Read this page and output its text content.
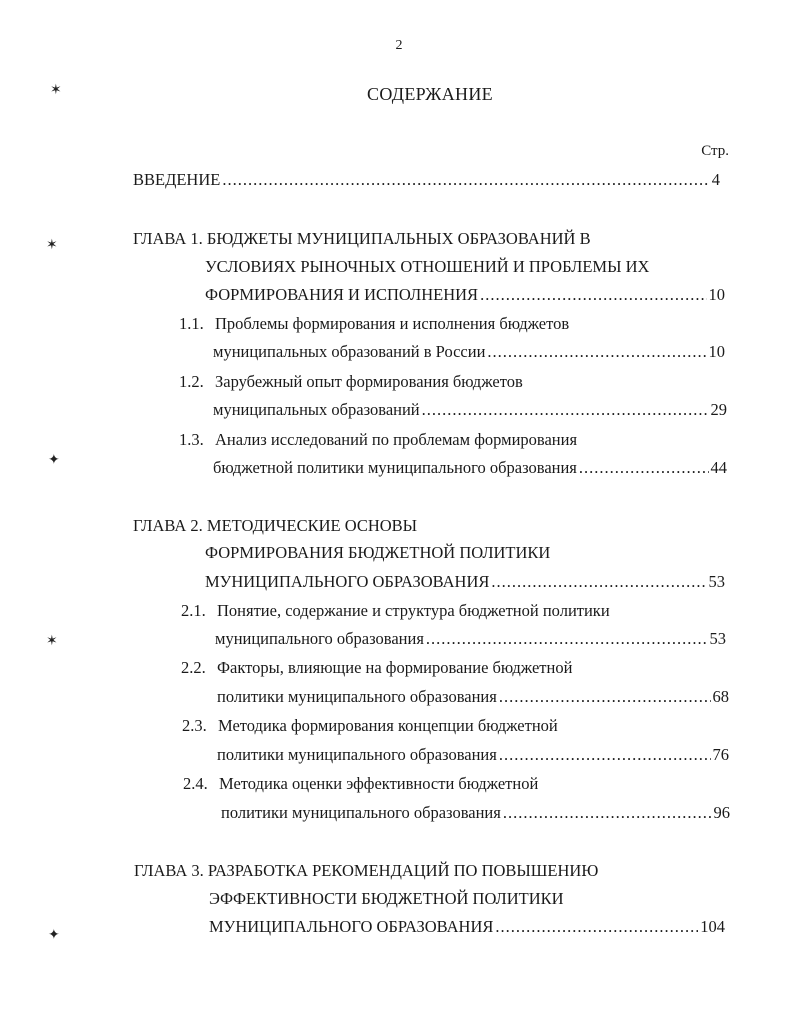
✶
✶
✦
✶
✦
2
СОДЕРЖАНИЕ
Стр.
ВВЕДЕНИЕ .....	4
ГЛАВА 1. БЮДЖЕТЫ МУНИЦИПАЛЬНЫХ ОБРАЗОВАНИЙ В
УСЛОВИЯХ РЫНОЧНЫХ ОТНОШЕНИЙ И ПРОБЛЕМЫ ИХ
ФОРМИРОВАНИЯ И ИСПОЛНЕНИЯ .....	10
1.1. Проблемы формирования и исполнения бюджетов
муниципальных образований в России .....	10
1.2. Зарубежный опыт формирования бюджетов
муниципальных образований .....	29
1.3. Анализ исследований по проблемам формирования
бюджетной политики муниципального образования .....	44
ГЛАВА 2. МЕТОДИЧЕСКИЕ ОСНОВЫ
ФОРМИРОВАНИЯ БЮДЖЕТНОЙ ПОЛИТИКИ
МУНИЦИПАЛЬНОГО ОБРАЗОВАНИЯ .....	53
2.1. Понятие, содержание и структура бюджетной политики
муниципального образования .....	53
2.2. Факторы, влияющие на формирование бюджетной
политики муниципального образования .....	68
2.3. Методика формирования концепции бюджетной
политики муниципального образования .....	76
2.4. Методика оценки эффективности бюджетной
политики муниципального образования .....	96
ГЛАВА 3. РАЗРАБОТКА РЕКОМЕНДАЦИЙ ПО ПОВЫШЕНИЮ
ЭФФЕКТИВНОСТИ БЮДЖЕТНОЙ ПОЛИТИКИ
МУНИЦИПАЛЬНОГО ОБРАЗОВАНИЯ .....	104
